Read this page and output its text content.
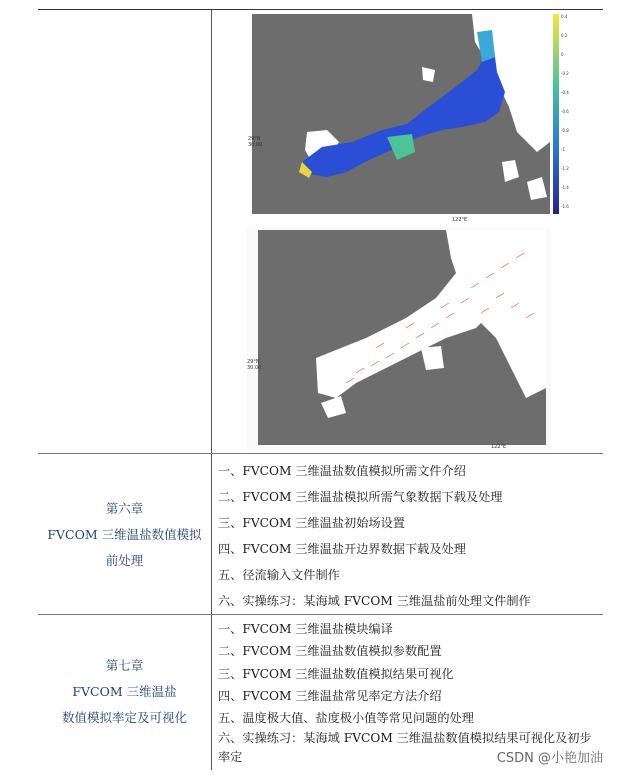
29°N
30.00
122°E
0.4
0.2
0
-0.2
-0.4
-0.6
-0.8
-1
-1.2
-1.4
-1.6
29°N
30.00
122°E
第六章
FVCOM 三维温盐数值模拟
前处理
一、FVCOM 三维温盐数值模拟所需文件介绍
二、FVCOM 三维温盐模拟所需气象数据下载及处理
三、FVCOM 三维温盐初始场设置
四、FVCOM 三维温盐开边界数据下载及处理
五、径流输入文件制作
六、实操练习：某海域 FVCOM 三维温盐前处理文件制作
第七章
FVCOM 三维温盐
数值模拟率定及可视化
一、FVCOM 三维温盐模块编译
二、FVCOM 三维温盐数值模拟参数配置
三、FVCOM 三维温盐数值模拟结果可视化
四、FVCOM 三维温盐常见率定方法介绍
五、温度极大值、盐度极小值等常见问题的处理
六、实操练习：某海域 FVCOM 三维温盐数值模拟结果可视化及初步率定	CSDN @小艳加油
